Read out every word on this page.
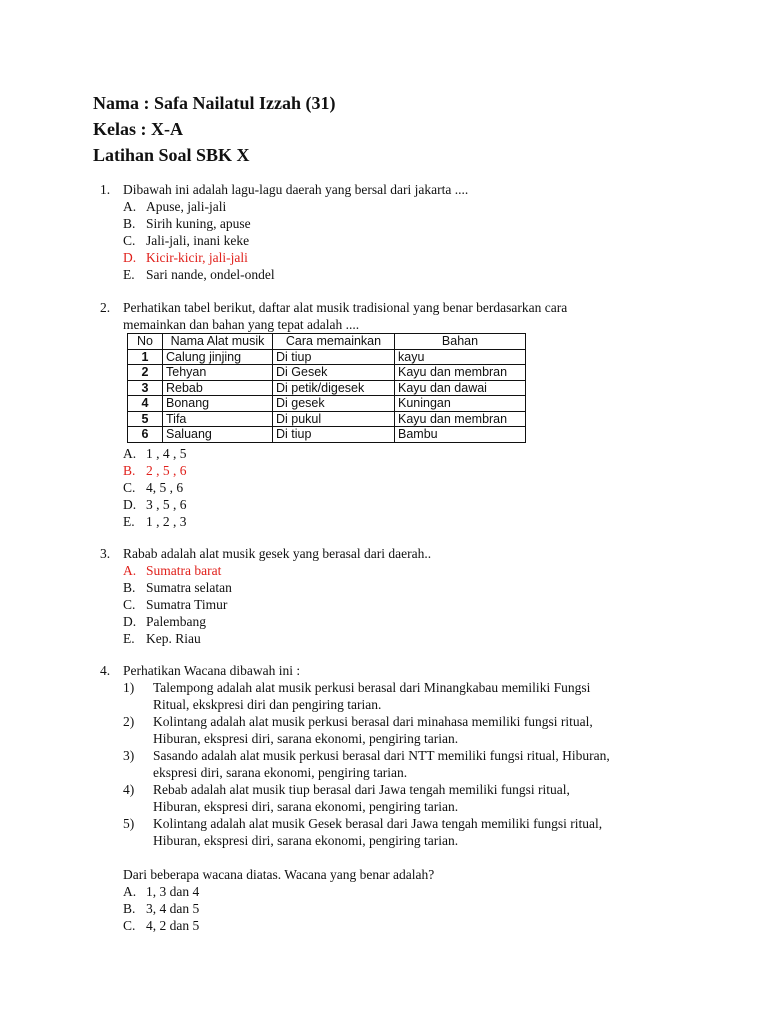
Nama : Safa Nailatul Izzah (31)
Kelas : X-A
Latihan Soal SBK X
1. Dibawah ini adalah lagu-lagu daerah yang bersal dari jakarta ....
A. Apuse, jali-jali
B. Sirih kuning, apuse
C. Jali-jali, inani keke
D. Kicir-kicir, jali-jali
E. Sari nande, ondel-ondel
2. Perhatikan tabel berikut, daftar alat musik tradisional yang benar berdasarkan cara memainkan dan bahan yang tepat adalah ....
No	Nama Alat musik	Cara memainkan	Bahan
1	Calung jinjing	Di tiup	kayu
2	Tehyan	Di Gesek	Kayu dan membran
3	Rebab	Di petik/digesek	Kayu dan dawai
4	Bonang	Di gesek	Kuningan
5	Tifa	Di pukul	Kayu dan membran
6	Saluang	Di tiup	Bambu
A. 1 , 4 , 5
B. 2 , 5 , 6
C. 4, 5 , 6
D. 3 , 5 , 6
E. 1 , 2 , 3
3. Rabab adalah alat musik gesek yang berasal dari daerah..
A. Sumatra barat
B. Sumatra selatan
C. Sumatra Timur
D. Palembang
E. Kep. Riau
4. Perhatikan Wacana dibawah ini :
1)	Talempong adalah alat musik perkusi berasal dari Minangkabau memiliki Fungsi Ritual, ekskpresi diri dan pengiring tarian.
2)	Kolintang adalah alat musik perkusi berasal dari minahasa memiliki fungsi ritual, Hiburan, ekspresi diri, sarana ekonomi, pengiring tarian.
3)	Sasando adalah alat musik perkusi berasal dari NTT memiliki fungsi ritual, Hiburan, ekspresi diri, sarana ekonomi, pengiring tarian.
4)	Rebab adalah alat musik tiup berasal dari Jawa tengah memiliki fungsi ritual, Hiburan, ekspresi diri, sarana ekonomi, pengiring tarian.
5)	Kolintang adalah alat musik Gesek berasal dari Jawa tengah memiliki fungsi ritual, Hiburan, ekspresi diri, sarana ekonomi, pengiring tarian.
Dari beberapa wacana diatas. Wacana yang benar adalah?
A. 1, 3 dan 4
B. 3, 4 dan 5
C. 4, 2 dan 5
